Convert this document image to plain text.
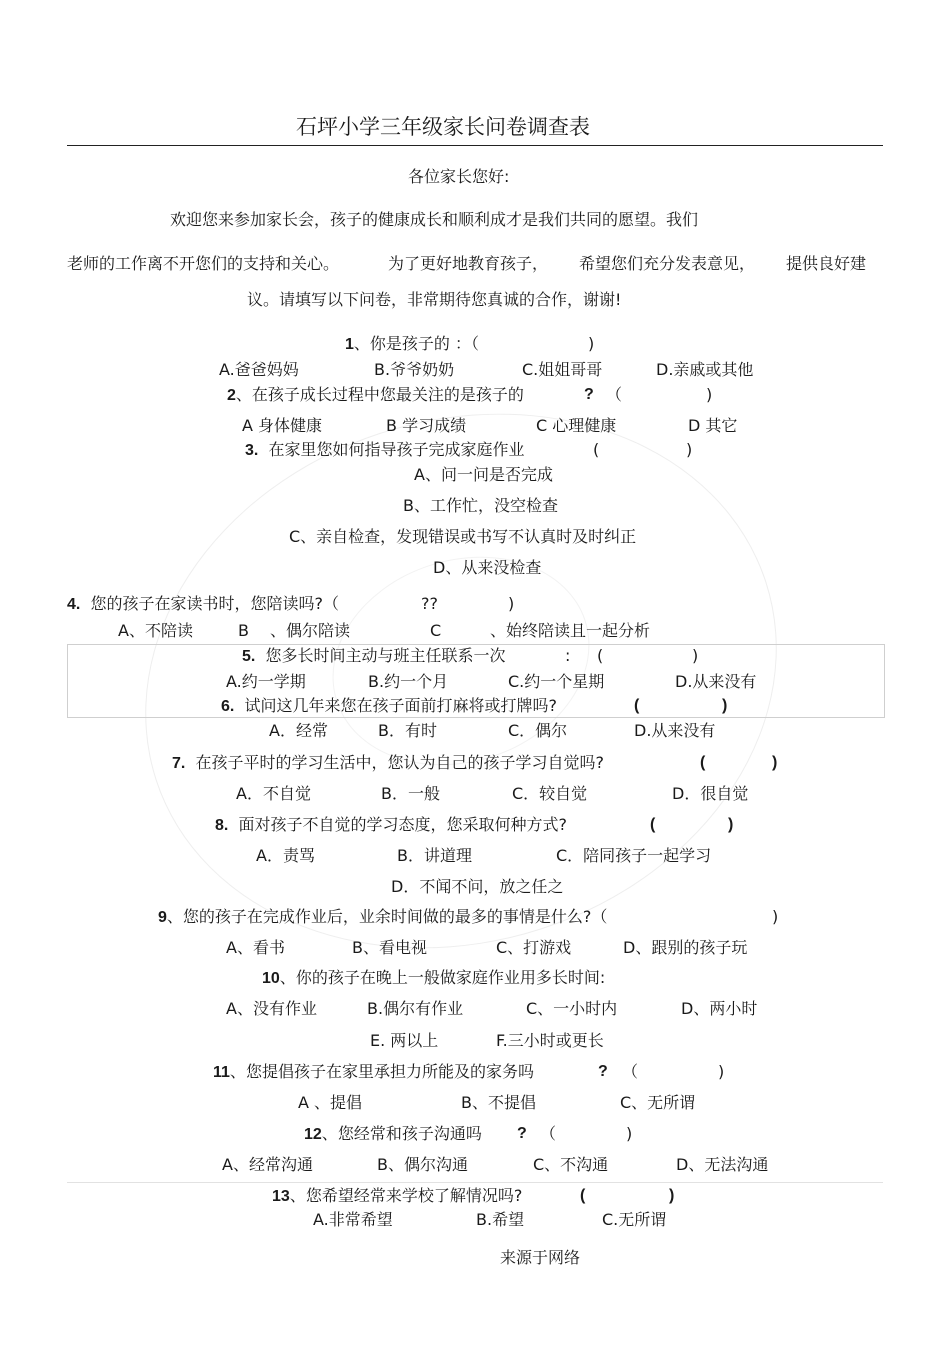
石坪小学三年级家长问卷调查表
各位家长您好:
欢迎您来参加家长会，孩子的健康成长和顺利成才是我们共同的愿望。我们
老师的工作离不开您们的支持和关心。	为了更好地教育孩子， 希望您们充分发表意见， 提供良好建
议。请填写以下问卷，非常期待您真诚的合作，谢谢!
1、你是孩子的 ：（	)
A.爸爸妈妈	B.爷爷奶奶	C.姐姐哥哥	D.亲戚或其他
2、在孩子成长过程中您最关注的是孩子的	? （	)
A 身体健康	B 学习成绩	C 心理健康	D 其它
3. 在家里您如何指导孩子完成家庭作业	(	)
A、问一问是否完成
B、工作忙，没空检查
C、亲自检查，发现错误或书写不认真时及时纠正
D、从来没检查
4. 您的孩子在家读书时，您陪读吗?（	??	)
A、不陪读	B 、偶尔陪读	C	、始终陪读且一起分析
5. 您多长时间主动与班主任联系一次	: (	)
A.约一学期	B.约一个月	C.约一个星期	D.从来没有
6. 试问这几年来您在孩子面前打麻将或打牌吗?	(	)
A．经常	B．有时	C．偶尔	D.从来没有
7. 在孩子平时的学习生活中，您认为自己的孩子学习自觉吗?	(	)
A．不自觉	B．一般	C．较自觉	D．很自觉
8. 面对孩子不自觉的学习态度，您采取何种方式?	(	)
A．责骂	B．讲道理	C．陪同孩子一起学习
D．不闻不问，放之任之
9、您的孩子在完成作业后，业余时间做的最多的事情是什么?（	)
A、看书	B、看电视	C、打游戏	D、跟别的孩子玩
10、你的孩子在晚上一般做家庭作业用多长时间:
A、没有作业	B.偶尔有作业	C、一小时内	D、两小时
E. 两以上	F.三小时或更长
11、您提倡孩子在家里承担力所能及的家务吗	? （	)
A 、提倡	B、不提倡	C、无所谓
12、您经常和孩子沟通吗 ? （	)
A、经常沟通	B、偶尔沟通	C、不沟通	D、无法沟通
13、您希望经常来学校了解情况吗?	(	)
A.非常希望	B.希望	C.无所谓
来源于网络
